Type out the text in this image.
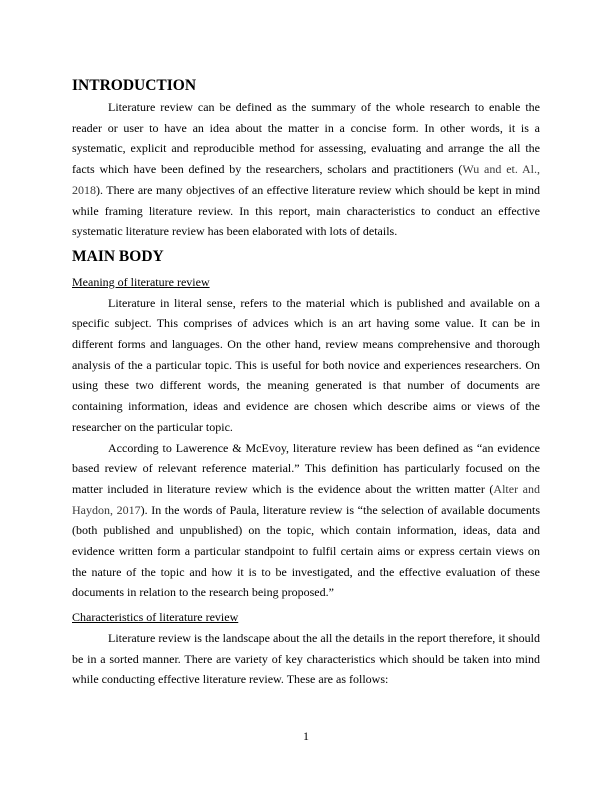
INTRODUCTION

Literature review can be defined as the summary of the whole research to enable the reader or user to have an idea about the matter in a concise form. In other words, it is a systematic, explicit and reproducible method for assessing, evaluating and arrange the all the facts which have been defined by the researchers, scholars and practitioners (Wu and et. Al., 2018). There are many objectives of an effective literature review which should be kept in mind while framing literature review. In this report, main characteristics to conduct an effective systematic literature review has been elaborated with lots of details.

MAIN BODY
Meaning of literature review

Literature in literal sense, refers to the material which is published and available on a specific subject. This comprises of advices which is an art having some value. It can be in different forms and languages. On the other hand, review means comprehensive and thorough analysis of the a particular topic. This is useful for both novice and experiences researchers. On using these two different words, the meaning generated is that number of documents are containing information, ideas and evidence are chosen which describe aims or views of the researcher on the particular topic.

According to Lawerence & McEvoy, literature review has been defined as “an evidence based review of relevant reference material.” This definition has particularly focused on the matter included in literature review which is the evidence about the written matter (Alter and Haydon, 2017). In the words of Paula, literature review is “the selection of available documents (both published and unpublished) on the topic, which contain information, ideas, data and evidence written form a particular standpoint to fulfil certain aims or express certain views on the nature of the topic and how it is to be investigated, and the effective evaluation of these documents in relation to the research being proposed.”

Characteristics of literature review

Literature review is the landscape about the all the details in the report therefore, it should be in a sorted manner. There are variety of key characteristics which should be taken into mind while conducting effective literature review. These are as follows:

1
